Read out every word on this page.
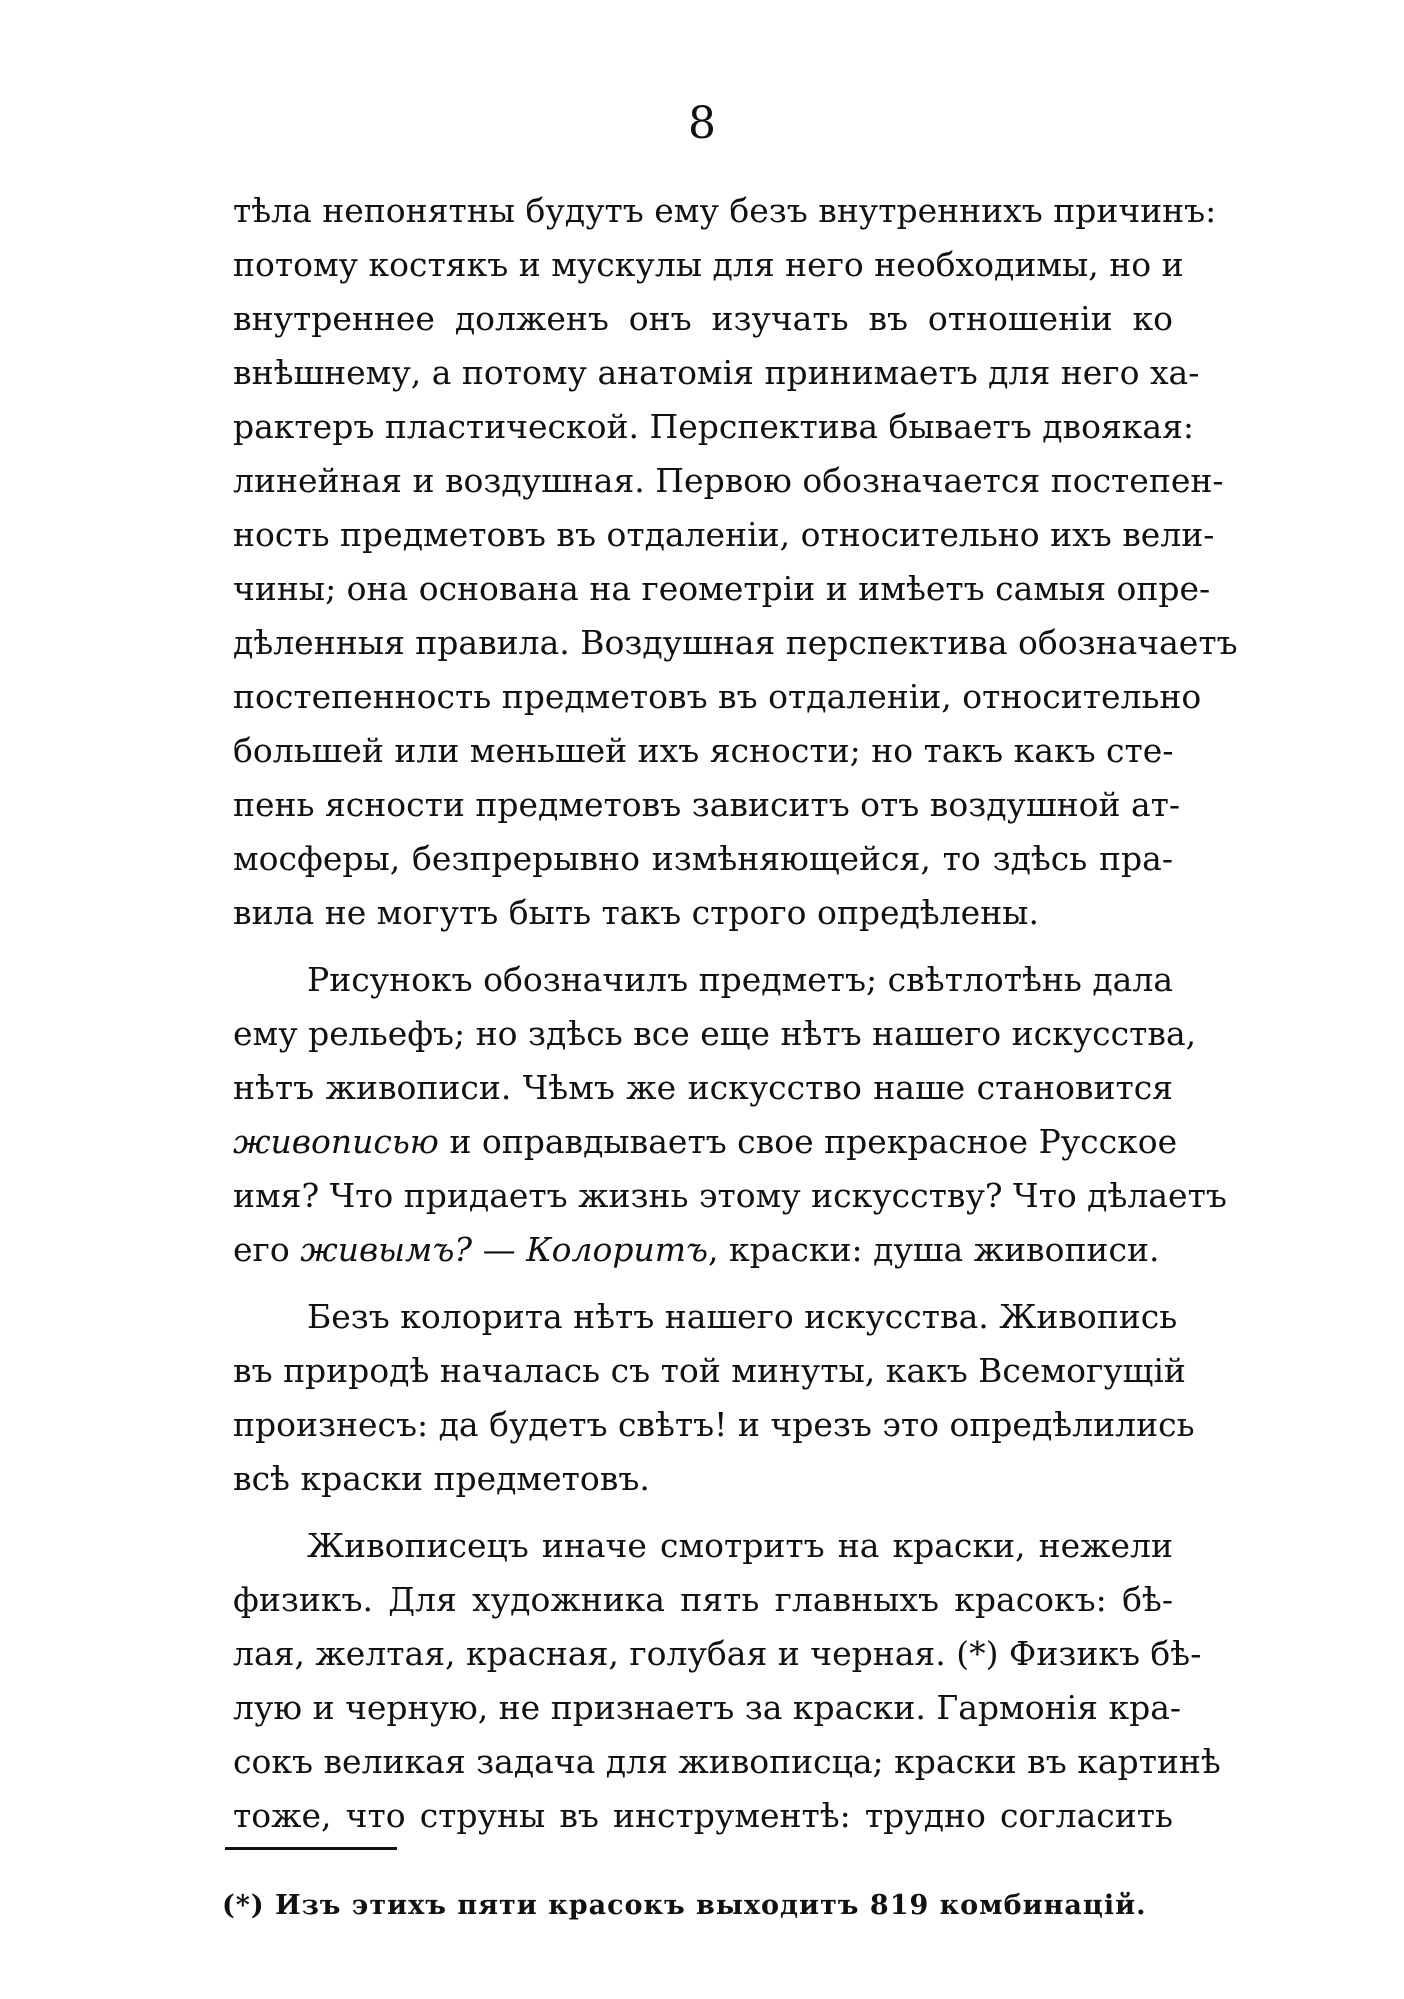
8
тѣла непонятны будутъ ему безъ внутреннихъ причинъ:
потому костякъ и мускулы для него необходимы, но и
внутреннее долженъ онъ изучать въ отношенiи ко
внѣшнему, а потому анатомiя принимаетъ для него ха-
рактеръ пластической. Перспектива бываетъ двоякая:
линейная и воздушная. Первою обозначается постепен-
ность предметовъ въ отдаленiи, относительно ихъ вели-
чины; она основана на геометрiи и имѣетъ самыя опре-
дѣленныя правила. Воздушная перспектива обозначаетъ
постепенность предметовъ въ отдаленiи, относительно
большей или меньшей ихъ ясности; но такъ какъ сте-
пень ясности предметовъ зависитъ отъ воздушной ат-
мосферы, безпрерывно измѣняющейся, то здѣсь пра-
вила не могутъ быть такъ строго опредѣлены.
Рисунокъ обозначилъ предметъ; свѣтлотѣнь дала
ему рельефъ; но здѣсь все еще нѣтъ нашего искусства,
нѣтъ живописи. Чѣмъ же искусство наше становится
живописью и оправдываетъ свое прекрасное Русское
имя? Что придаетъ жизнь этому искусству? Что дѣлаетъ
его живымъ? — Колоритъ, краски: душа живописи.
Безъ колорита нѣтъ нашего искусства. Живопись
въ природѣ началась съ той минуты, какъ Всемогущiй
произнесъ: да будетъ свѣтъ! и чрезъ это опредѣлились
всѣ краски предметовъ.
Живописецъ иначе смотритъ на краски, нежели
физикъ. Для художника пять главныхъ красокъ: бѣ-
лая, желтая, красная, голубая и черная. (*) Физикъ бѣ-
лую и черную, не признаетъ за краски. Гармонiя кра-
сокъ великая задача для живописца; краски въ картинѣ
тоже, что струны въ инструментѣ: трудно согласить
(*) Изъ этихъ пяти красокъ выходитъ 819 комбинацiй.
